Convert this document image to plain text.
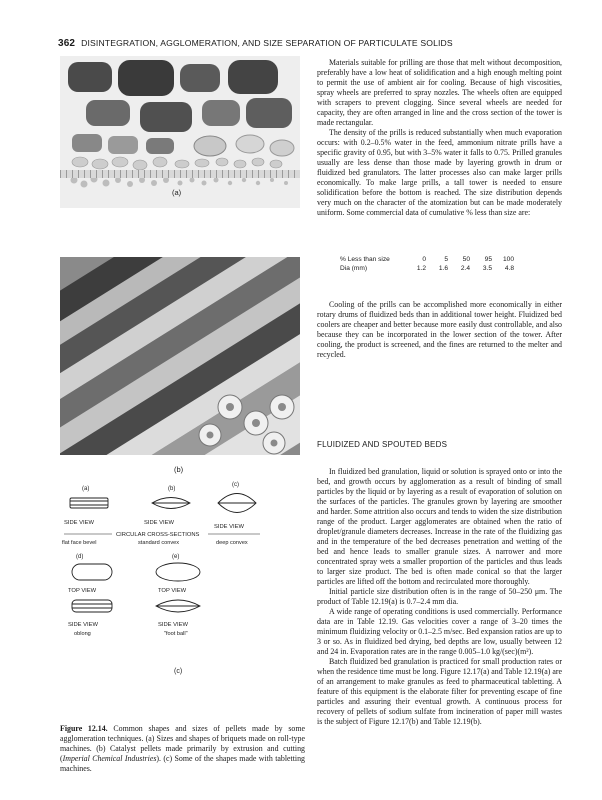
362 DISINTEGRATION, AGGLOMERATION, AND SIZE SEPARATION OF PARTICULATE SOLIDS
(a)
(b)
(a)	(b)
(c)
SIDE VIEW	SIDE VIEW
SIDE VIEW
CIRCULAR CROSS-SECTIONS
flat face bevel	standard convex	deep convex
(d)	(e)
TOP VIEW	TOP VIEW
SIDE VIEW	SIDE VIEW
oblong	"foot ball"
(c)
Figure 12.14. Common shapes and sizes of pellets made by some agglomeration techniques. (a) Sizes and shapes of briquets made on roll-type machines. (b) Catalyst pellets made primarily by extrusion and cutting (Imperial Chemical Industries). (c) Some of the shapes made with tabletting machines.

Materials suitable for prilling are those that melt without decomposition, preferably have a low heat of solidification and a high enough melting point to permit the use of ambient air for cooling. Because of high viscosities, spray wheels are preferred to spray nozzles. The wheels often are equipped with scrapers to prevent clogging. Since several wheels are needed for capacity, they are often arranged in line and the cross section of the tower is made rectangular.

The density of the prills is reduced substantially when much evaporation occurs: with 0.2–0.5% water in the feed, ammonium nitrate prills have a specific gravity of 0.95, but with 3–5% water it falls to 0.75. Prilled granules usually are less dense than those made by layering growth in drum or fluidized bed granulators. The latter processes also can make larger prills economically. To make large prills, a tall tower is needed to ensure solidification before the bottom is reached. The size distribution depends very much on the character of the atomization but can be made moderately uniform. Some commercial data of cumulative % less than size are:

% Less than size	0	5	50	95	100
Dia (mm)	1.2	1.6	2.4	3.5	4.8

Cooling of the prills can be accomplished more economically in either rotary drums of fluidized beds than in additional tower height. Fluidized bed coolers are cheaper and better because more easily dust controllable, and also because they can be incorporated in the lower section of the tower. After cooling, the product is screened, and the fines are returned to the melter and recycled.

FLUIDIZED AND SPOUTED BEDS

In fluidized bed granulation, liquid or solution is sprayed onto or into the bed, and growth occurs by agglomeration as a result of binding of small particles by the liquid or by layering as a result of evaporation of solution on the surfaces of the particles. The granules grown by layering are smoother and harder. Some attrition also occurs and tends to widen the size distribution range of the product. Larger agglomerates are obtained when the ratio of droplet/granule diameters decreases. Increase in the rate of the fluidizing gas and in the temperature of the bed decreases penetration and wetting of the bed and hence leads to smaller granule sizes. A narrower and more concentrated spray wets a smaller proportion of the particles and thus leads to larger size product. The bed is often made conical so that the larger particles are lifted off the bottom and recirculated more thoroughly.

Initial particle size distribution often is in the range of 50–250 μm. The product of Table 12.19(a) is 0.7–2.4 mm dia.

A wide range of operating conditions is used commercially. Performance data are in Table 12.19. Gas velocities cover a range of 3–20 times the minimum fluidizing velocity or 0.1–2.5 m/sec. Bed expansion ratios are up to 3 or so. As in fluidized bed drying, bed depths are low, usually between 12 and 24 in. Evaporation rates are in the range 0.005–1.0 kg/(sec)(m²).

Batch fluidized bed granulation is practiced for small production rates or when the residence time must be long. Figure 12.17(a) and Table 12.19(a) are of an arrangement to make granules as feed to pharmaceutical tabletting. A feature of this equipment is the elaborate filter for preventing escape of fine particles and assuring their eventual growth. A continuous process for recovery of pellets of sodium sulfate from incineration of paper mill wastes is the subject of Figure 12.17(b) and Table 12.19(b).
